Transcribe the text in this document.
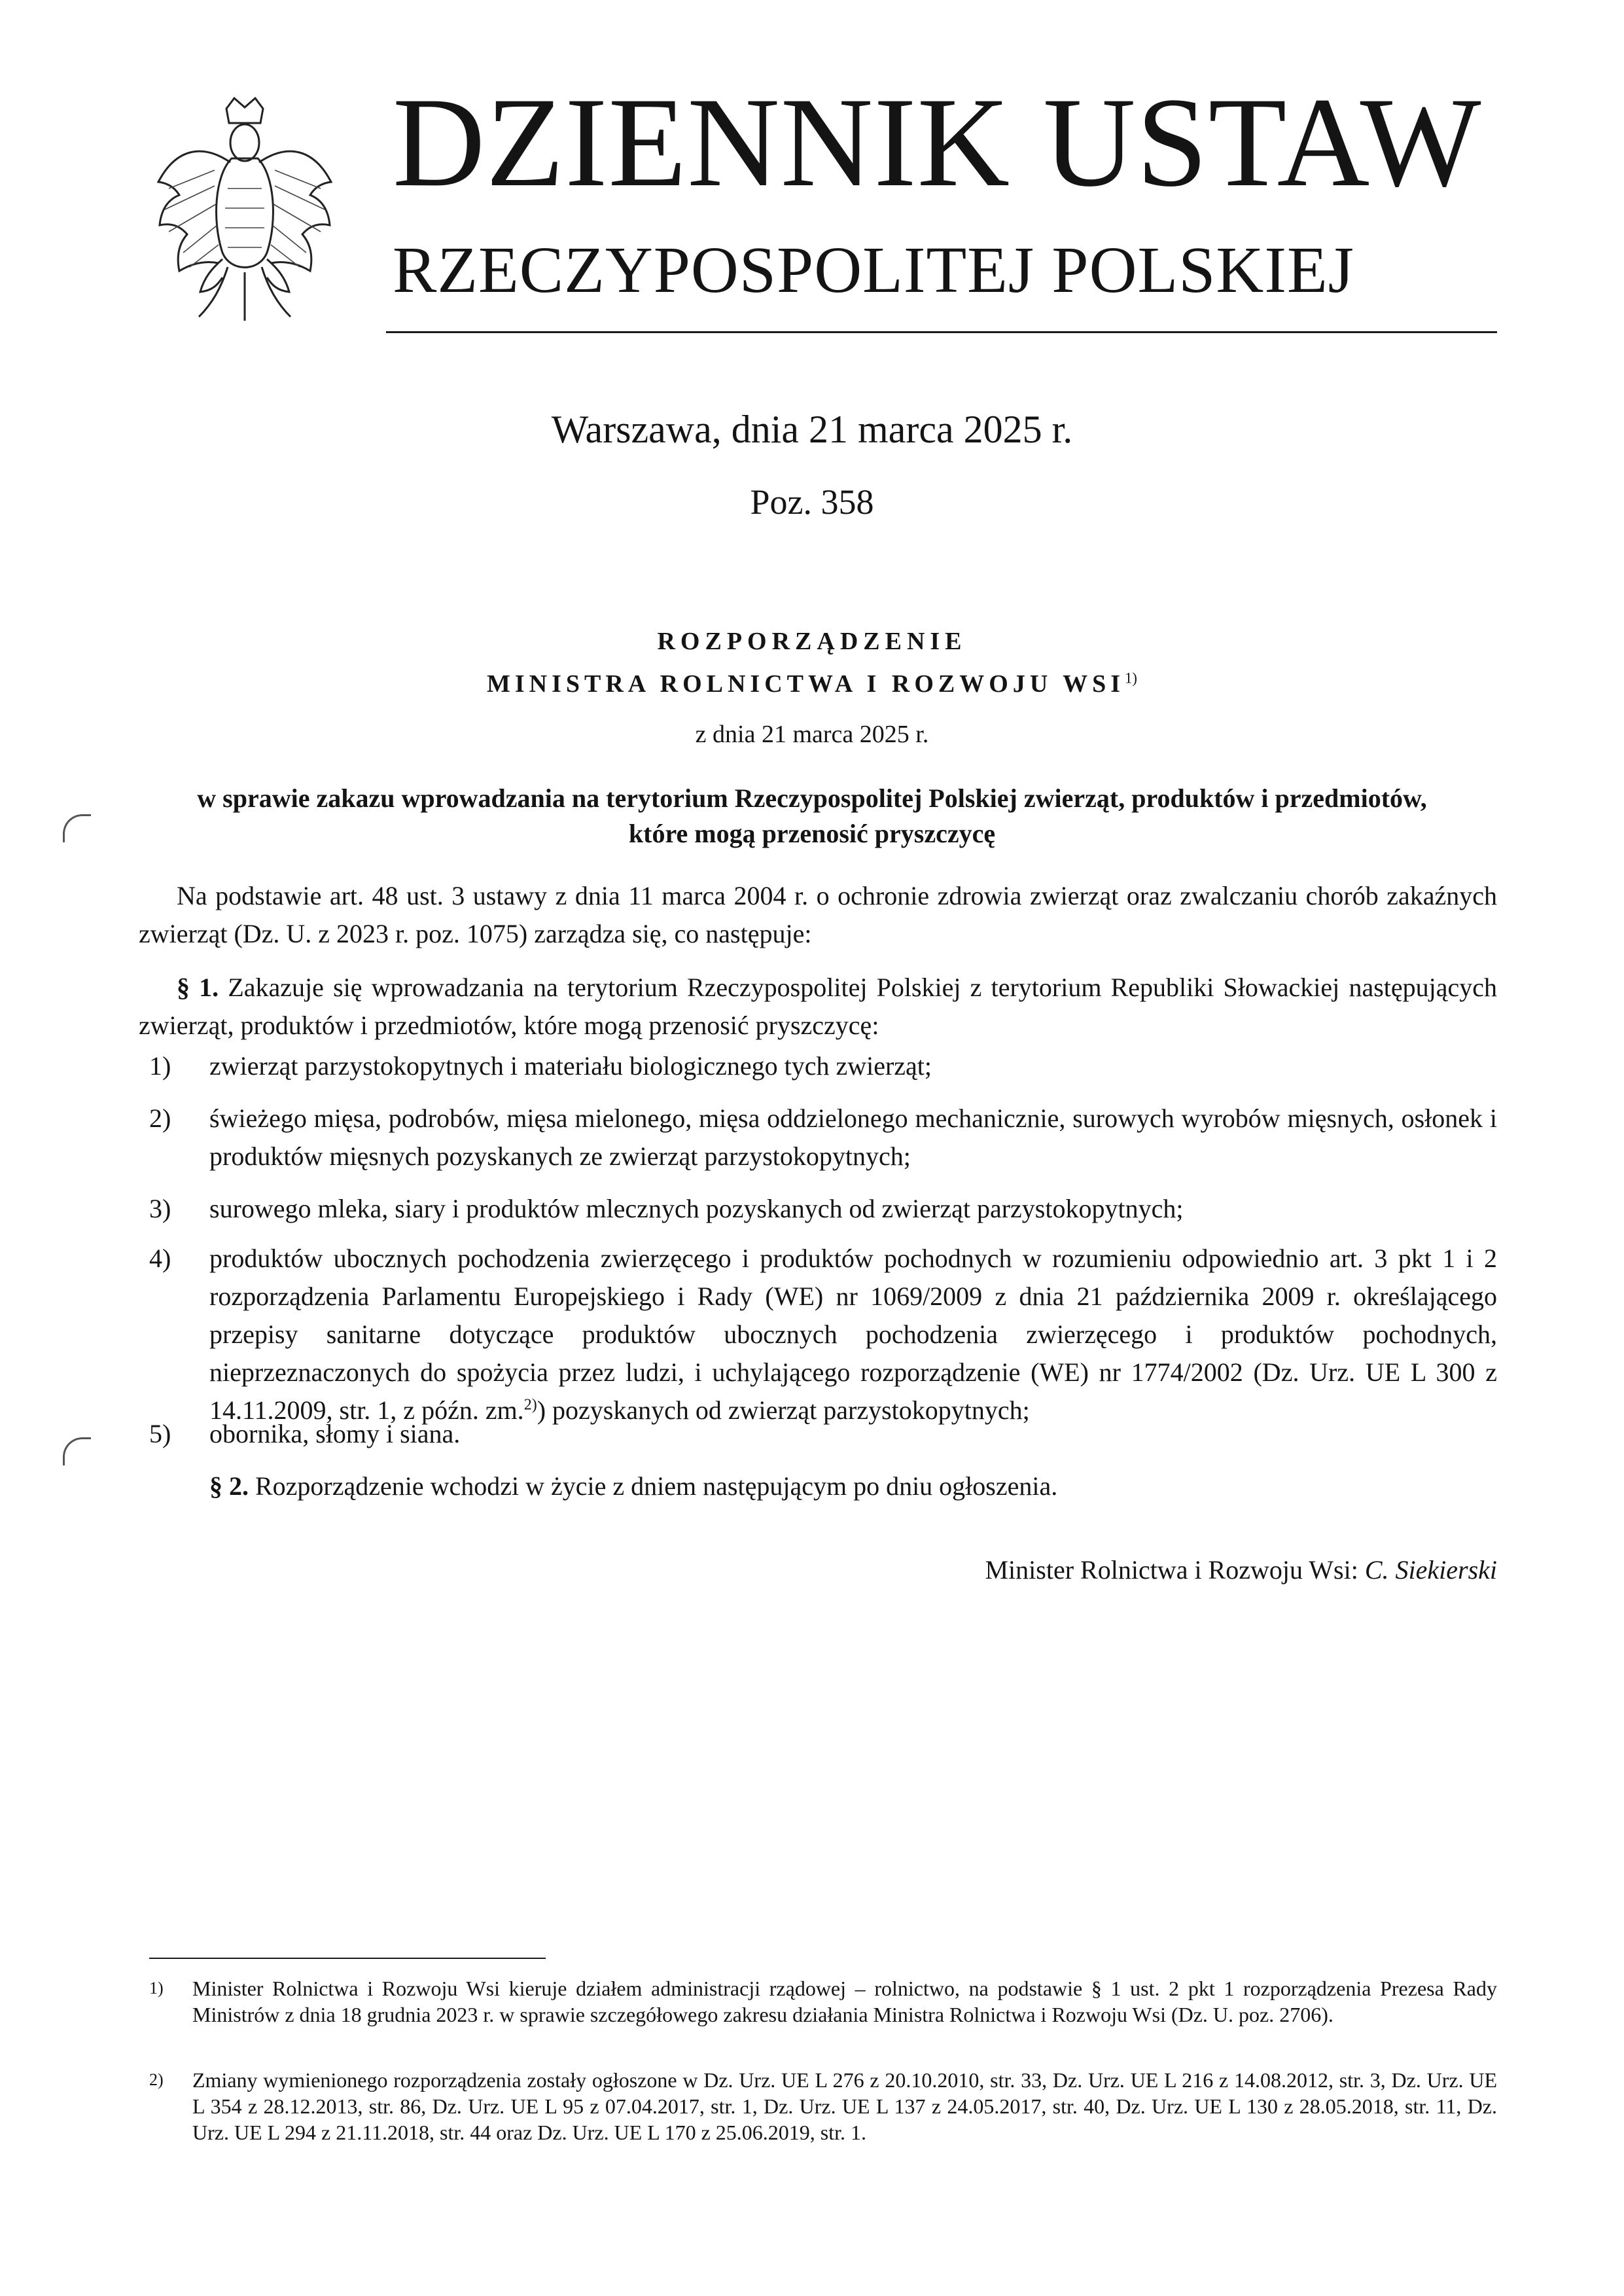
DZIENNIK USTAW
RZECZYPOSPOLITEJ POLSKIEJ
Warszawa, dnia 21 marca 2025 r.
Poz. 358
ROZPORZĄDZENIE
MINISTRA ROLNICTWA I ROZWOJU WSI$^{1)}$
z dnia 21 marca 2025 r.
w sprawie zakazu wprowadzania na terytorium Rzeczypospolitej Polskiej zwierząt, produktów i przedmiotów,
które mogą przenosić pryszczycę
Na podstawie art. 48 ust. 3 ustawy z dnia 11 marca 2004 r. o ochronie zdrowia zwierząt oraz zwalczaniu chorób zakaźnych zwierząt (Dz. U. z 2023 r. poz. 1075) zarządza się, co następuje:
§ 1. Zakazuje się wprowadzania na terytorium Rzeczypospolitej Polskiej z terytorium Republiki Słowackiej następujących zwierząt, produktów i przedmiotów, które mogą przenosić pryszczycę:
1) zwierząt parzystokopytnych i materiału biologicznego tych zwierząt;
2) świeżego mięsa, podrobów, mięsa mielonego, mięsa oddzielonego mechanicznie, surowych wyrobów mięsnych, osłonek i produktów mięsnych pozyskanych ze zwierząt parzystokopytnych;
3) surowego mleka, siary i produktów mlecznych pozyskanych od zwierząt parzystokopytnych;
4) produktów ubocznych pochodzenia zwierzęcego i produktów pochodnych w rozumieniu odpowiednio art. 3 pkt 1 i 2 rozporządzenia Parlamentu Europejskiego i Rady (WE) nr 1069/2009 z dnia 21 października 2009 r. określającego przepisy sanitarne dotyczące produktów ubocznych pochodzenia zwierzęcego i produktów pochodnych, nieprzeznaczonych do spożycia przez ludzi, i uchylającego rozporządzenie (WE) nr 1774/2002 (Dz. Urz. UE L 300 z 14.11.2009, str. 1, z późn. zm.$^{2)}$) pozyskanych od zwierząt parzystokopytnych;
5) obornika, słomy i siana.
§ 2. Rozporządzenie wchodzi w życie z dniem następującym po dniu ogłoszenia.
Minister Rolnictwa i Rozwoju Wsi: C. Siekierski
1) Minister Rolnictwa i Rozwoju Wsi kieruje działem administracji rządowej – rolnictwo, na podstawie § 1 ust. 2 pkt 1 rozporządzenia Prezesa Rady Ministrów z dnia 18 grudnia 2023 r. w sprawie szczegółowego zakresu działania Ministra Rolnictwa i Rozwoju Wsi (Dz. U. poz. 2706).
2) Zmiany wymienionego rozporządzenia zostały ogłoszone w Dz. Urz. UE L 276 z 20.10.2010, str. 33, Dz. Urz. UE L 216 z 14.08.2012, str. 3, Dz. Urz. UE L 354 z 28.12.2013, str. 86, Dz. Urz. UE L 95 z 07.04.2017, str. 1, Dz. Urz. UE L 137 z 24.05.2017, str. 40, Dz. Urz. UE L 130 z 28.05.2018, str. 11, Dz. Urz. UE L 294 z 21.11.2018, str. 44 oraz Dz. Urz. UE L 170 z 25.06.2019, str. 1.
